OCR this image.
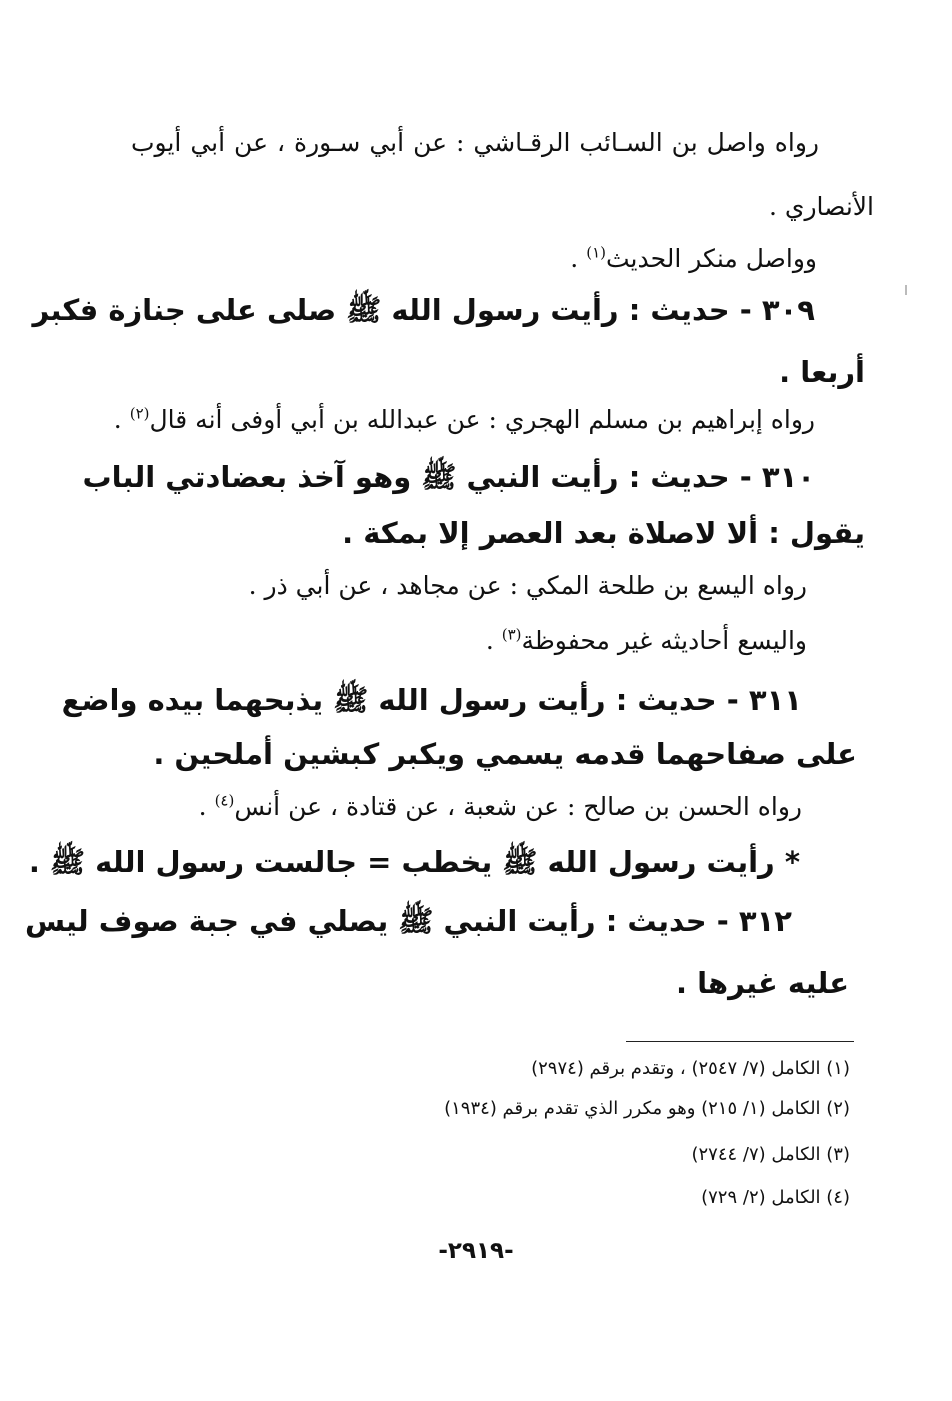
رواه واصل بن السـائب الرقـاشي : عن أبي سـورة ، عن أبي أيوب
الأنصاري .
وواصل منكر الحديث$^{(١)}$ .
٣٠٩ - حديث : رأيت رسول الله ﷺ صلى على جنازة فكبر
أربعا .
رواه إبراهيم بن مسلم الهجري : عن عبدالله بن أبي أوفى أنه قال$^{(٢)}$ .
٣١٠ - حديث : رأيت النبي ﷺ وهو آخذ بعضادتي الباب
يقول : ألا لاصلاة بعد العصر إلا بمكة .
رواه اليسع بن طلحة المكي : عن مجاهد ، عن أبي ذر .
واليسع أحاديثه غير محفوظة$^{(٣)}$ .
٣١١ - حديث : رأيت رسول الله ﷺ يذبحهما بيده واضع
على صفاحهما قدمه يسمي ويكبر كبشين أملحين .
رواه الحسن بن صالح : عن شعبة ، عن قتادة ، عن أنس$^{(٤)}$ .
* رأيت رسول الله ﷺ يخطب = جالست رسول الله ﷺ .
٣١٢ - حديث : رأيت النبي ﷺ يصلي في جبة صوف ليس
عليه غيرها .
(١) الكامل (٧/ ٢٥٤٧) ، وتقدم برقم (٢٩٧٤)
(٢) الكامل (١/ ٢١٥) وهو مكرر الذي تقدم برقم (١٩٣٤)
(٣) الكامل (٧/ ٢٧٤٤)
(٤) الكامل (٢/ ٧٢٩)
-٢٩١٩-
